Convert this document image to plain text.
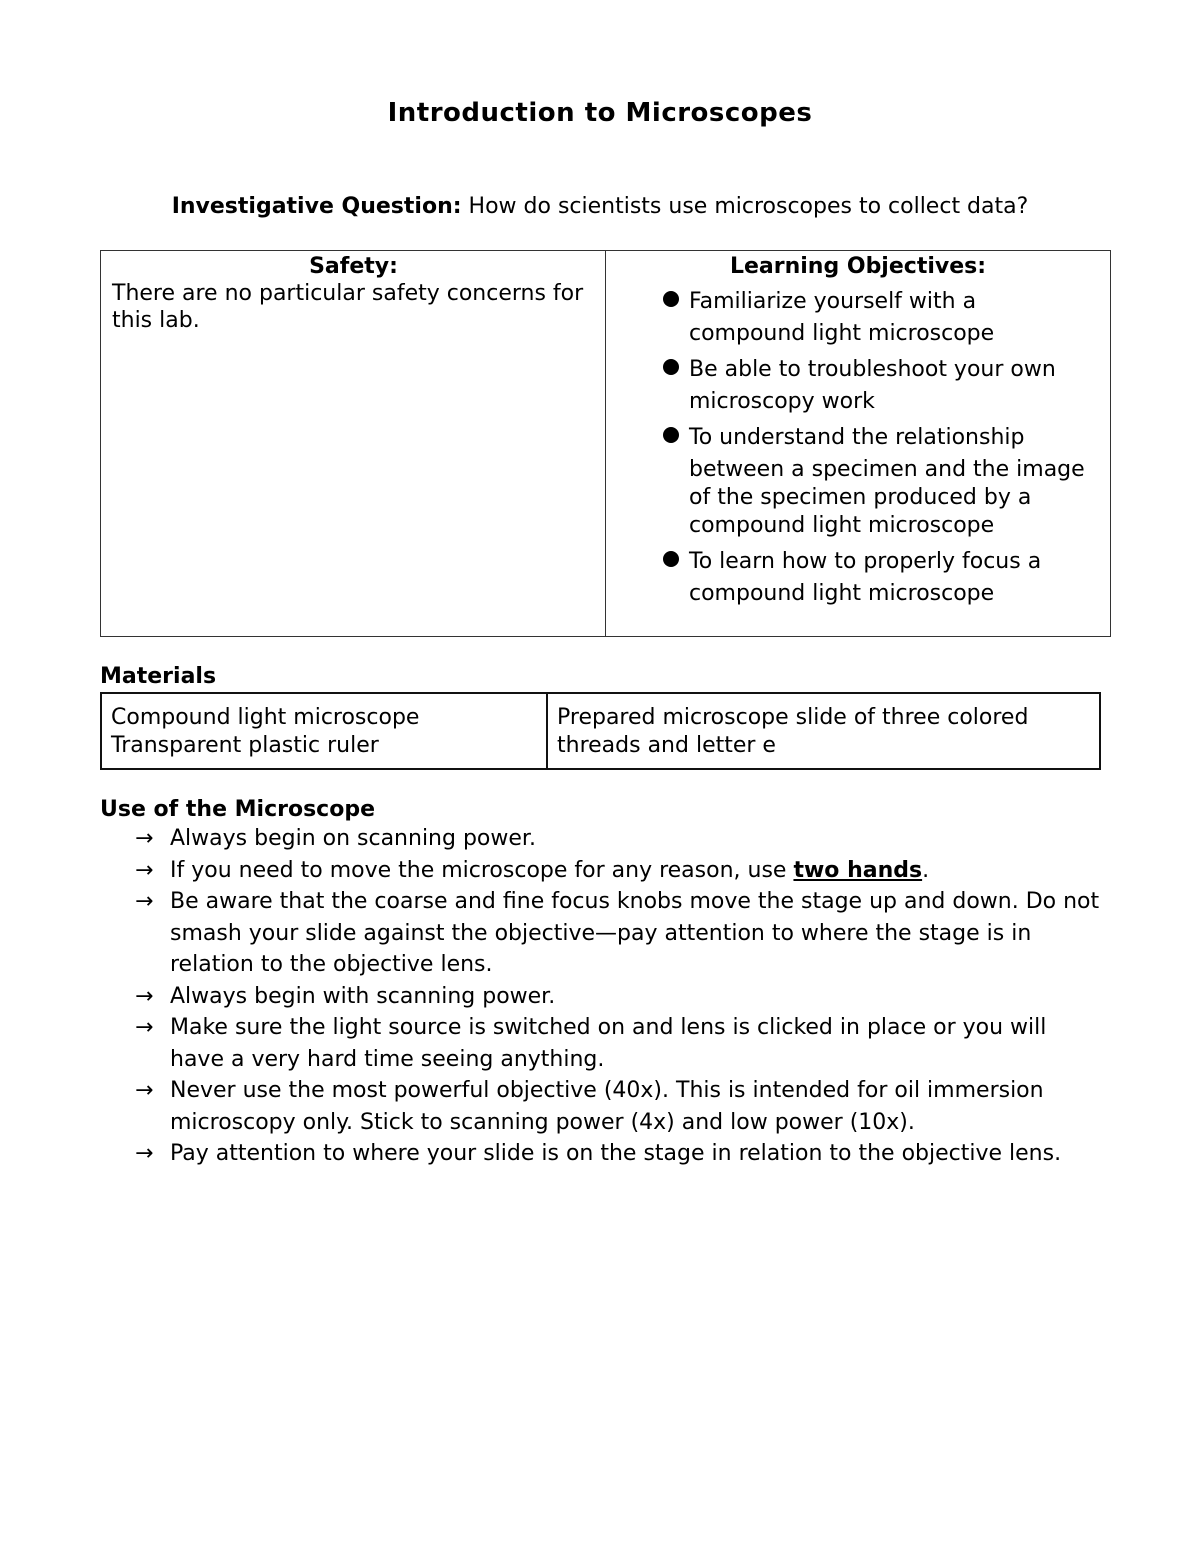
Introduction to Microscopes
Investigative Question: How do scientists use microscopes to collect data?
Safety:
There are no particular safety concerns for this lab.
Learning Objectives:
Familiarize yourself with a
compound light microscope
Be able to troubleshoot your own
microscopy work
To understand the relationship
between a specimen and the image of the specimen produced by a compound light microscope
To learn how to properly focus a
compound light microscope
Materials
Compound light microscope
Transparent plastic ruler
Prepared microscope slide of three colored threads and letter e
Use of the Microscope
→ Always begin on scanning power.
→ If you need to move the microscope for any reason, use two hands.
→ Be aware that the coarse and fine focus knobs move the stage up and down. Do not smash your slide against the objective—pay attention to where the stage is in relation to the objective lens.
→ Always begin with scanning power.
→ Make sure the light source is switched on and lens is clicked in place or you will have a very hard time seeing anything.
→ Never use the most powerful objective (40x). This is intended for oil immersion microscopy only. Stick to scanning power (4x) and low power (10x).
→ Pay attention to where your slide is on the stage in relation to the objective lens.
